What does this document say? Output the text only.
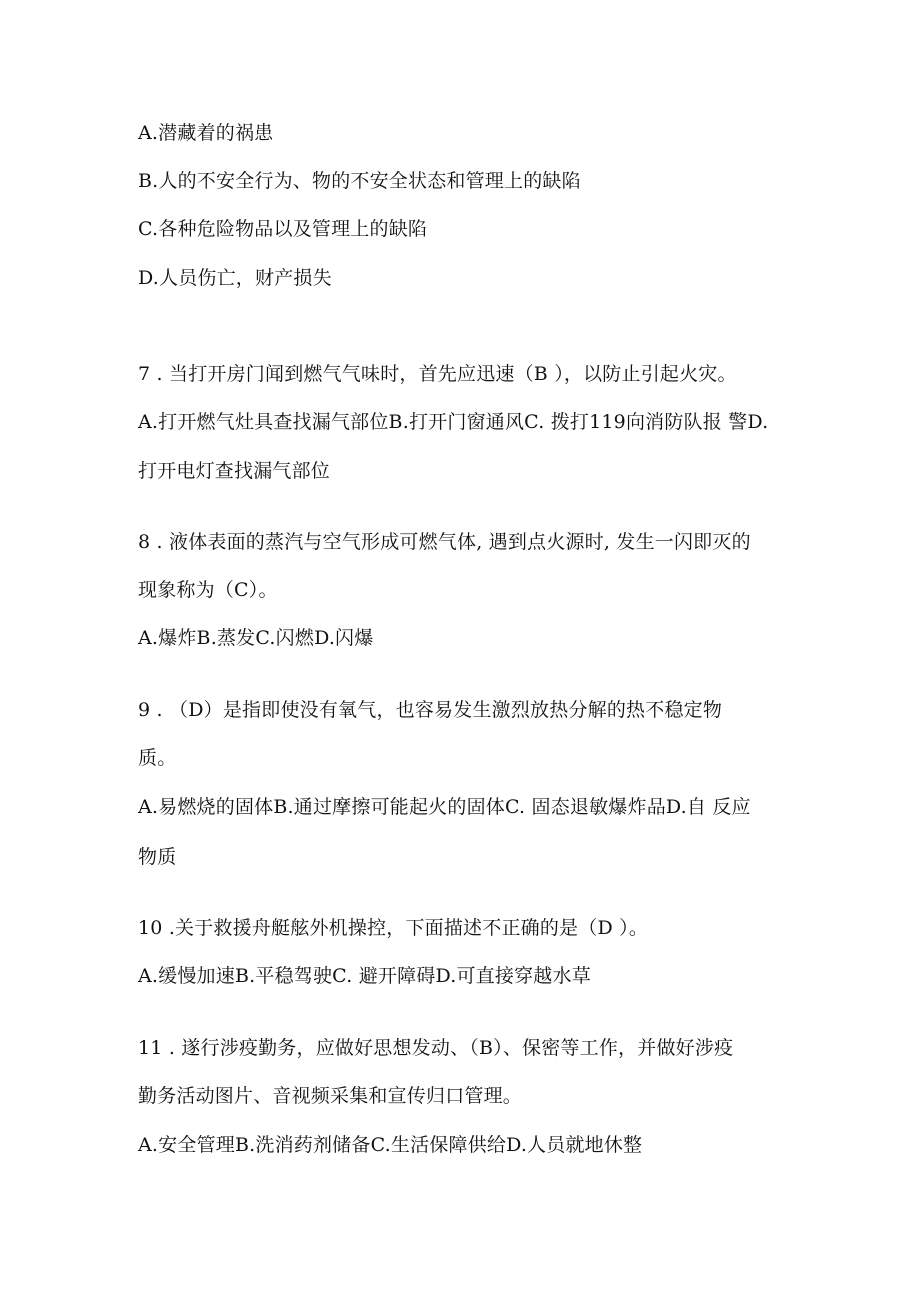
A.潜藏着的祸患
B.人的不安全行为、物的不安全状态和管理上的缺陷
C.各种危险物品以及管理上的缺陷
D.人员伤亡，财产损失
7 . 当打开房门闻到燃气气味时，首先应迅速（B ），以防止引起火灾。
A.打开燃气灶具查找漏气部位B.打开门窗通风C. 拨打119向消防队报 警D.
打开电灯查找漏气部位
8 . 液体表面的蒸汽与空气形成可燃气体, 遇到点火源时, 发生一闪即灭的
现象称为（C）。
A.爆炸B.蒸发C.闪燃D.闪爆
9 . （D）是指即使没有氧气，也容易发生激烈放热分解的热不稳定物
质。
A.易燃烧的固体B.通过摩擦可能起火的固体C. 固态退敏爆炸品D.自 反应
物质
10 .关于救援舟艇舷外机操控，下面描述不正确的是（D ）。
A.缓慢加速B.平稳驾驶C. 避开障碍D.可直接穿越水草
11 . 遂行涉疫勤务，应做好思想发动、（B）、保密等工作，并做好涉疫
勤务活动图片、音视频采集和宣传归口管理。
A.安全管理B.洗消药剂储备C.生活保障供给D.人员就地休整
